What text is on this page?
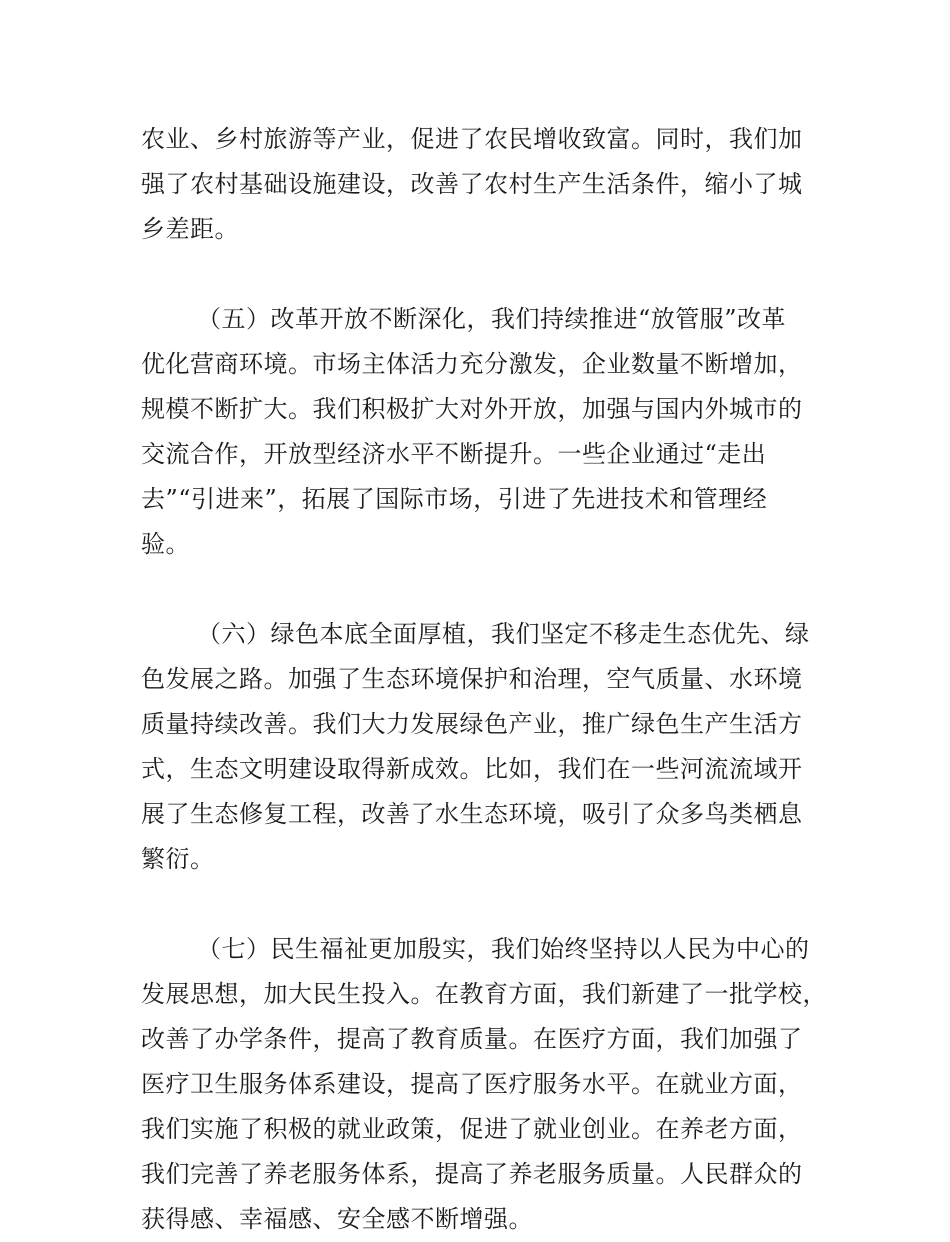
农业、乡村旅游等产业，促进了农民增收致富。同时，我们加
强了农村基础设施建设，改善了农村生产生活条件，缩小了城
乡差距。

（五）改革开放不断深化，我们持续推进“放管服”改革
优化营商环境。市场主体活力充分激发，企业数量不断增加，
规模不断扩大。我们积极扩大对外开放，加强与国内外城市的
交流合作，开放型经济水平不断提升。一些企业通过“走出
去”“引进来”，拓展了国际市场，引进了先进技术和管理经
验。

（六）绿色本底全面厚植，我们坚定不移走生态优先、绿
色发展之路。加强了生态环境保护和治理，空气质量、水环境
质量持续改善。我们大力发展绿色产业，推广绿色生产生活方
式，生态文明建设取得新成效。比如，我们在一些河流流域开
展了生态修复工程，改善了水生态环境，吸引了众多鸟类栖息
繁衍。

（七）民生福祉更加殷实，我们始终坚持以人民为中心的
发展思想，加大民生投入。在教育方面，我们新建了一批学校，
改善了办学条件，提高了教育质量。在医疗方面，我们加强了
医疗卫生服务体系建设，提高了医疗服务水平。在就业方面，
我们实施了积极的就业政策，促进了就业创业。在养老方面，
我们完善了养老服务体系，提高了养老服务质量。人民群众的
获得感、幸福感、安全感不断增强。
